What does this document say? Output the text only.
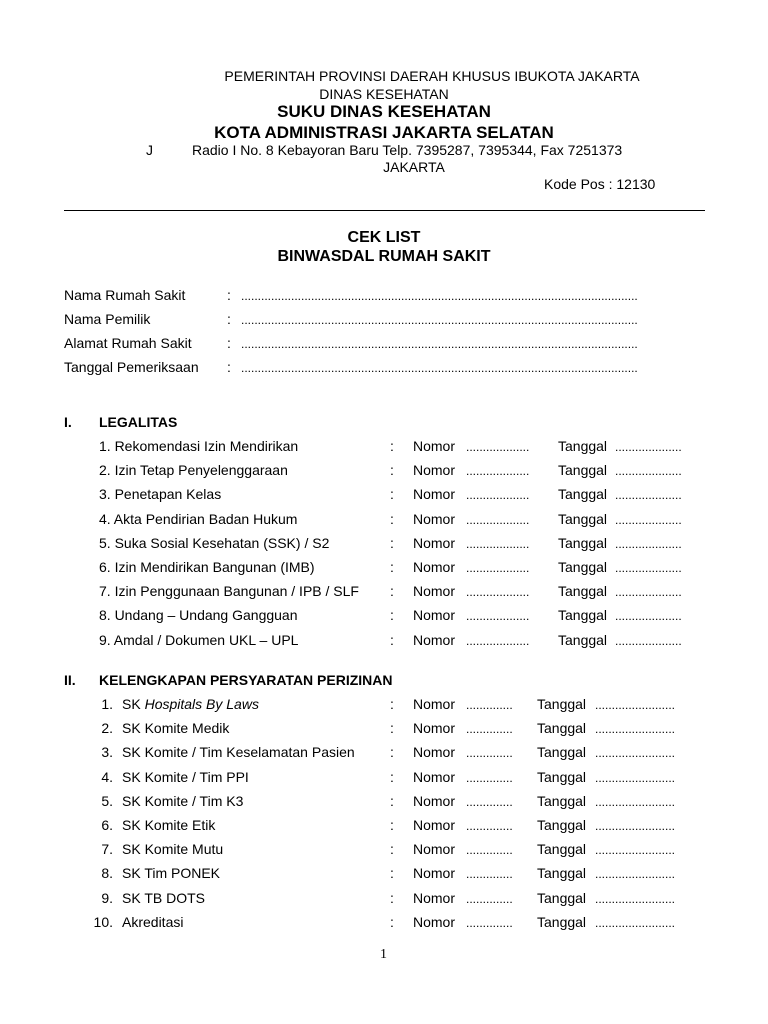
PEMERINTAH PROVINSI DAERAH KHUSUS IBUKOTA JAKARTA
DINAS KESEHATAN
SUKU DINAS KESEHATAN
KOTA ADMINISTRASI JAKARTA SELATAN
J	Radio I No. 8 Kebayoran Baru Telp. 7395287, 7395344, Fax 7251373
JAKARTA
Kode Pos : 12130
CEK LIST
BINWASDAL RUMAH SAKIT
Nama Rumah Sakit	: .......................................................................................................................
Nama Pemilik	: .......................................................................................................................
Alamat Rumah Sakit	: .......................................................................................................................
Tanggal Pemeriksaan : .......................................................................................................................
I. LEGALITAS
1. Rekomendasi Izin Mendirikan	: Nomor ................... Tanggal ....................
2. Izin Tetap Penyelenggaraan	: Nomor ................... Tanggal ....................
3. Penetapan Kelas	: Nomor ................... Tanggal ....................
4. Akta Pendirian Badan Hukum	: Nomor ................... Tanggal ....................
5. Suka Sosial Kesehatan (SSK) / S2	: Nomor ................... Tanggal ....................
6. Izin Mendirikan Bangunan (IMB)	: Nomor ................... Tanggal ....................
7. Izin Penggunaan Bangunan / IPB / SLF : Nomor ................... Tanggal ....................
8. Undang – Undang Gangguan	: Nomor ................... Tanggal ....................
9. Amdal / Dokumen UKL – UPL	: Nomor ................... Tanggal ....................
II. KELENGKAPAN PERSYARATAN PERIZINAN
1. SK Hospitals By Laws	: Nomor .............. Tanggal ........................
2. SK Komite Medik	: Nomor .............. Tanggal ........................
3. SK Komite / Tim Keselamatan Pasien	: Nomor .............. Tanggal ........................
4. SK Komite / Tim PPI	: Nomor .............. Tanggal ........................
5. SK Komite / Tim K3	: Nomor .............. Tanggal ........................
6. SK Komite Etik	: Nomor .............. Tanggal ........................
7. SK Komite Mutu	: Nomor .............. Tanggal ........................
8. SK Tim PONEK	: Nomor .............. Tanggal ........................
9. SK TB DOTS	: Nomor .............. Tanggal ........................
10. Akreditasi	: Nomor .............. Tanggal ........................
1
